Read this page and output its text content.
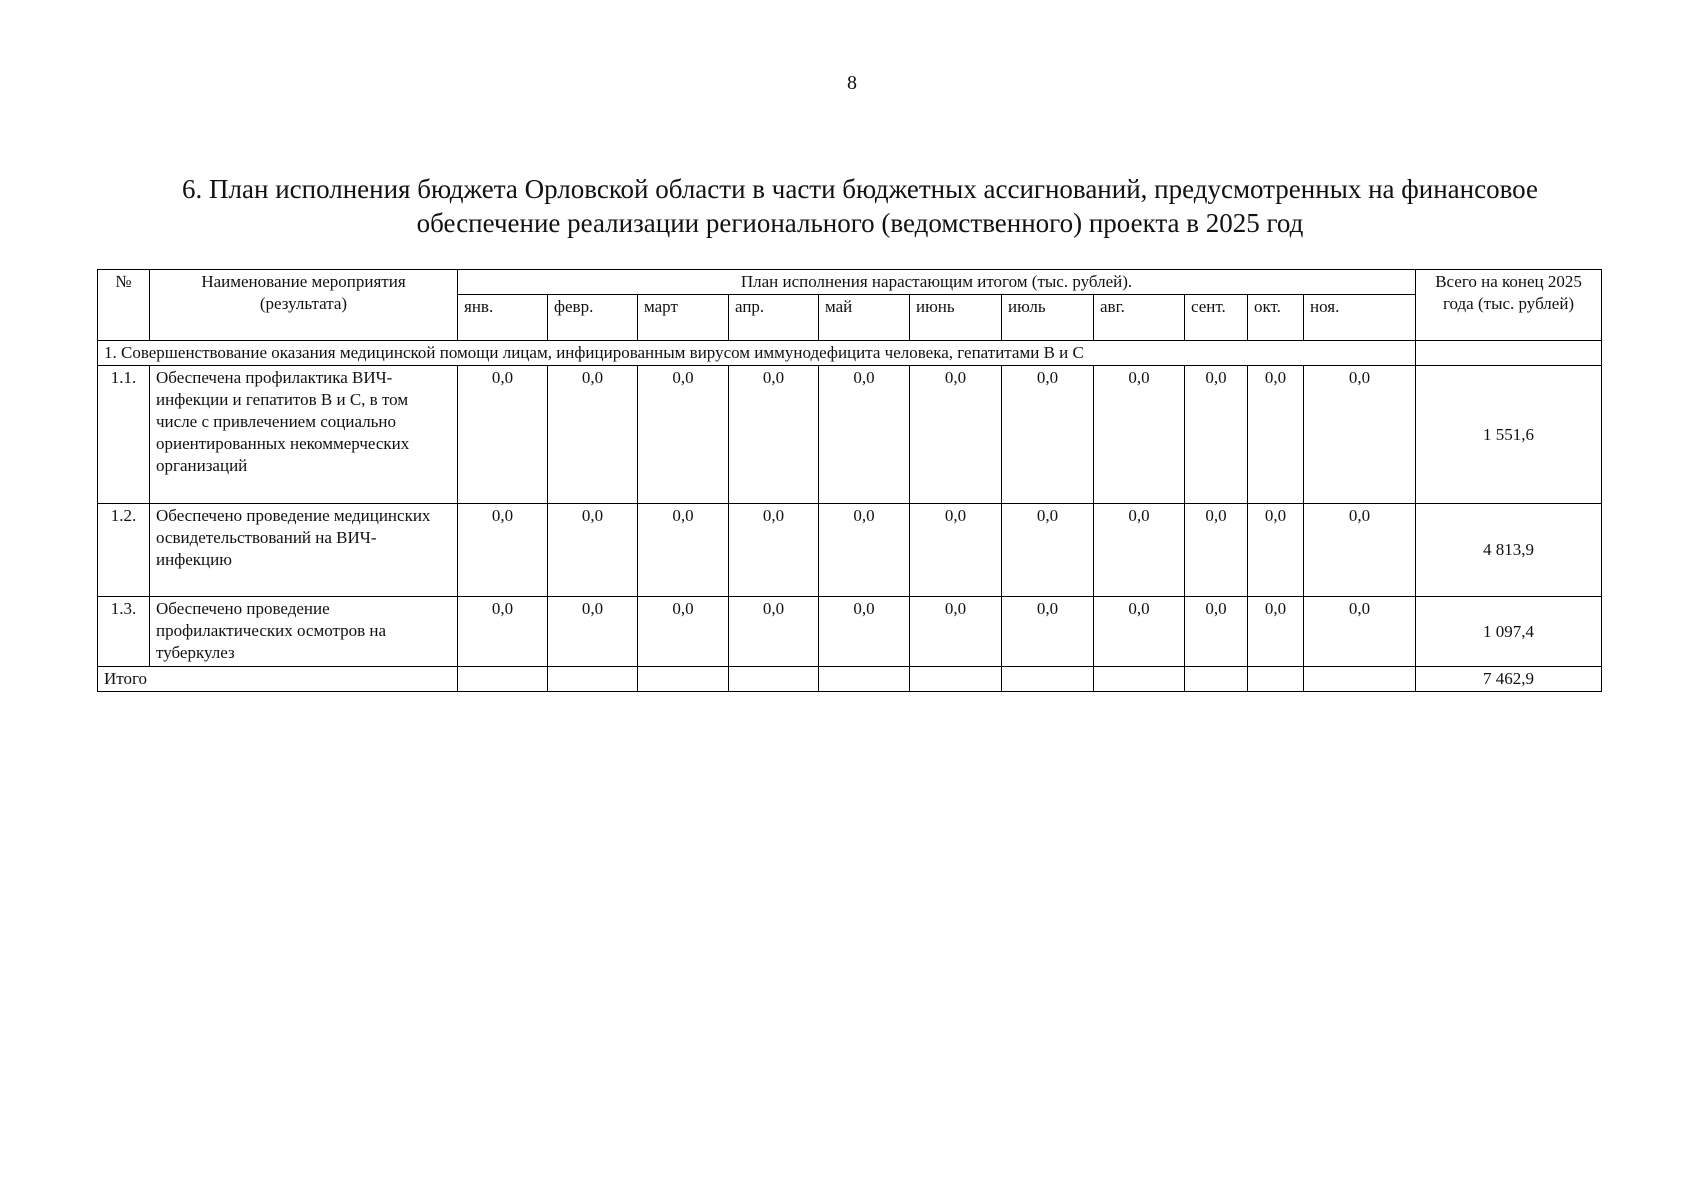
8
6. План исполнения бюджета Орловской области в части бюджетных ассигнований, предусмотренных на финансовое
обеспечение реализации регионального (ведомственного) проекта в 2025 год
№	Наименование мероприятия (результата)	План исполнения нарастающим итогом (тыс. рублей).											Всего на конец 2025 года (тыс. рублей)
		янв.	февр.	март	апр.	май	июнь	июль	авг.	сент.	окт.	ноя.	
1. Совершенствование оказания медицинской помощи лицам, инфицированным вирусом иммунодефицита человека, гепатитами В и С													
1.1.	Обеспечена профилактика ВИЧ-инфекции и гепатитов В и С, в том числе с привлечением социально ориентированных некоммерческих организаций	0,0	0,0	0,0	0,0	0,0	0,0	0,0	0,0	0,0	0,0	0,0	1 551,6
1.2.	Обеспечено проведение медицинских освидетельствований на ВИЧ-инфекцию	0,0	0,0	0,0	0,0	0,0	0,0	0,0	0,0	0,0	0,0	0,0	4 813,9
1.3.	Обеспечено проведение профилактических осмотров на туберкулез	0,0	0,0	0,0	0,0	0,0	0,0	0,0	0,0	0,0	0,0	0,0	1 097,4
Итого													7 462,9
